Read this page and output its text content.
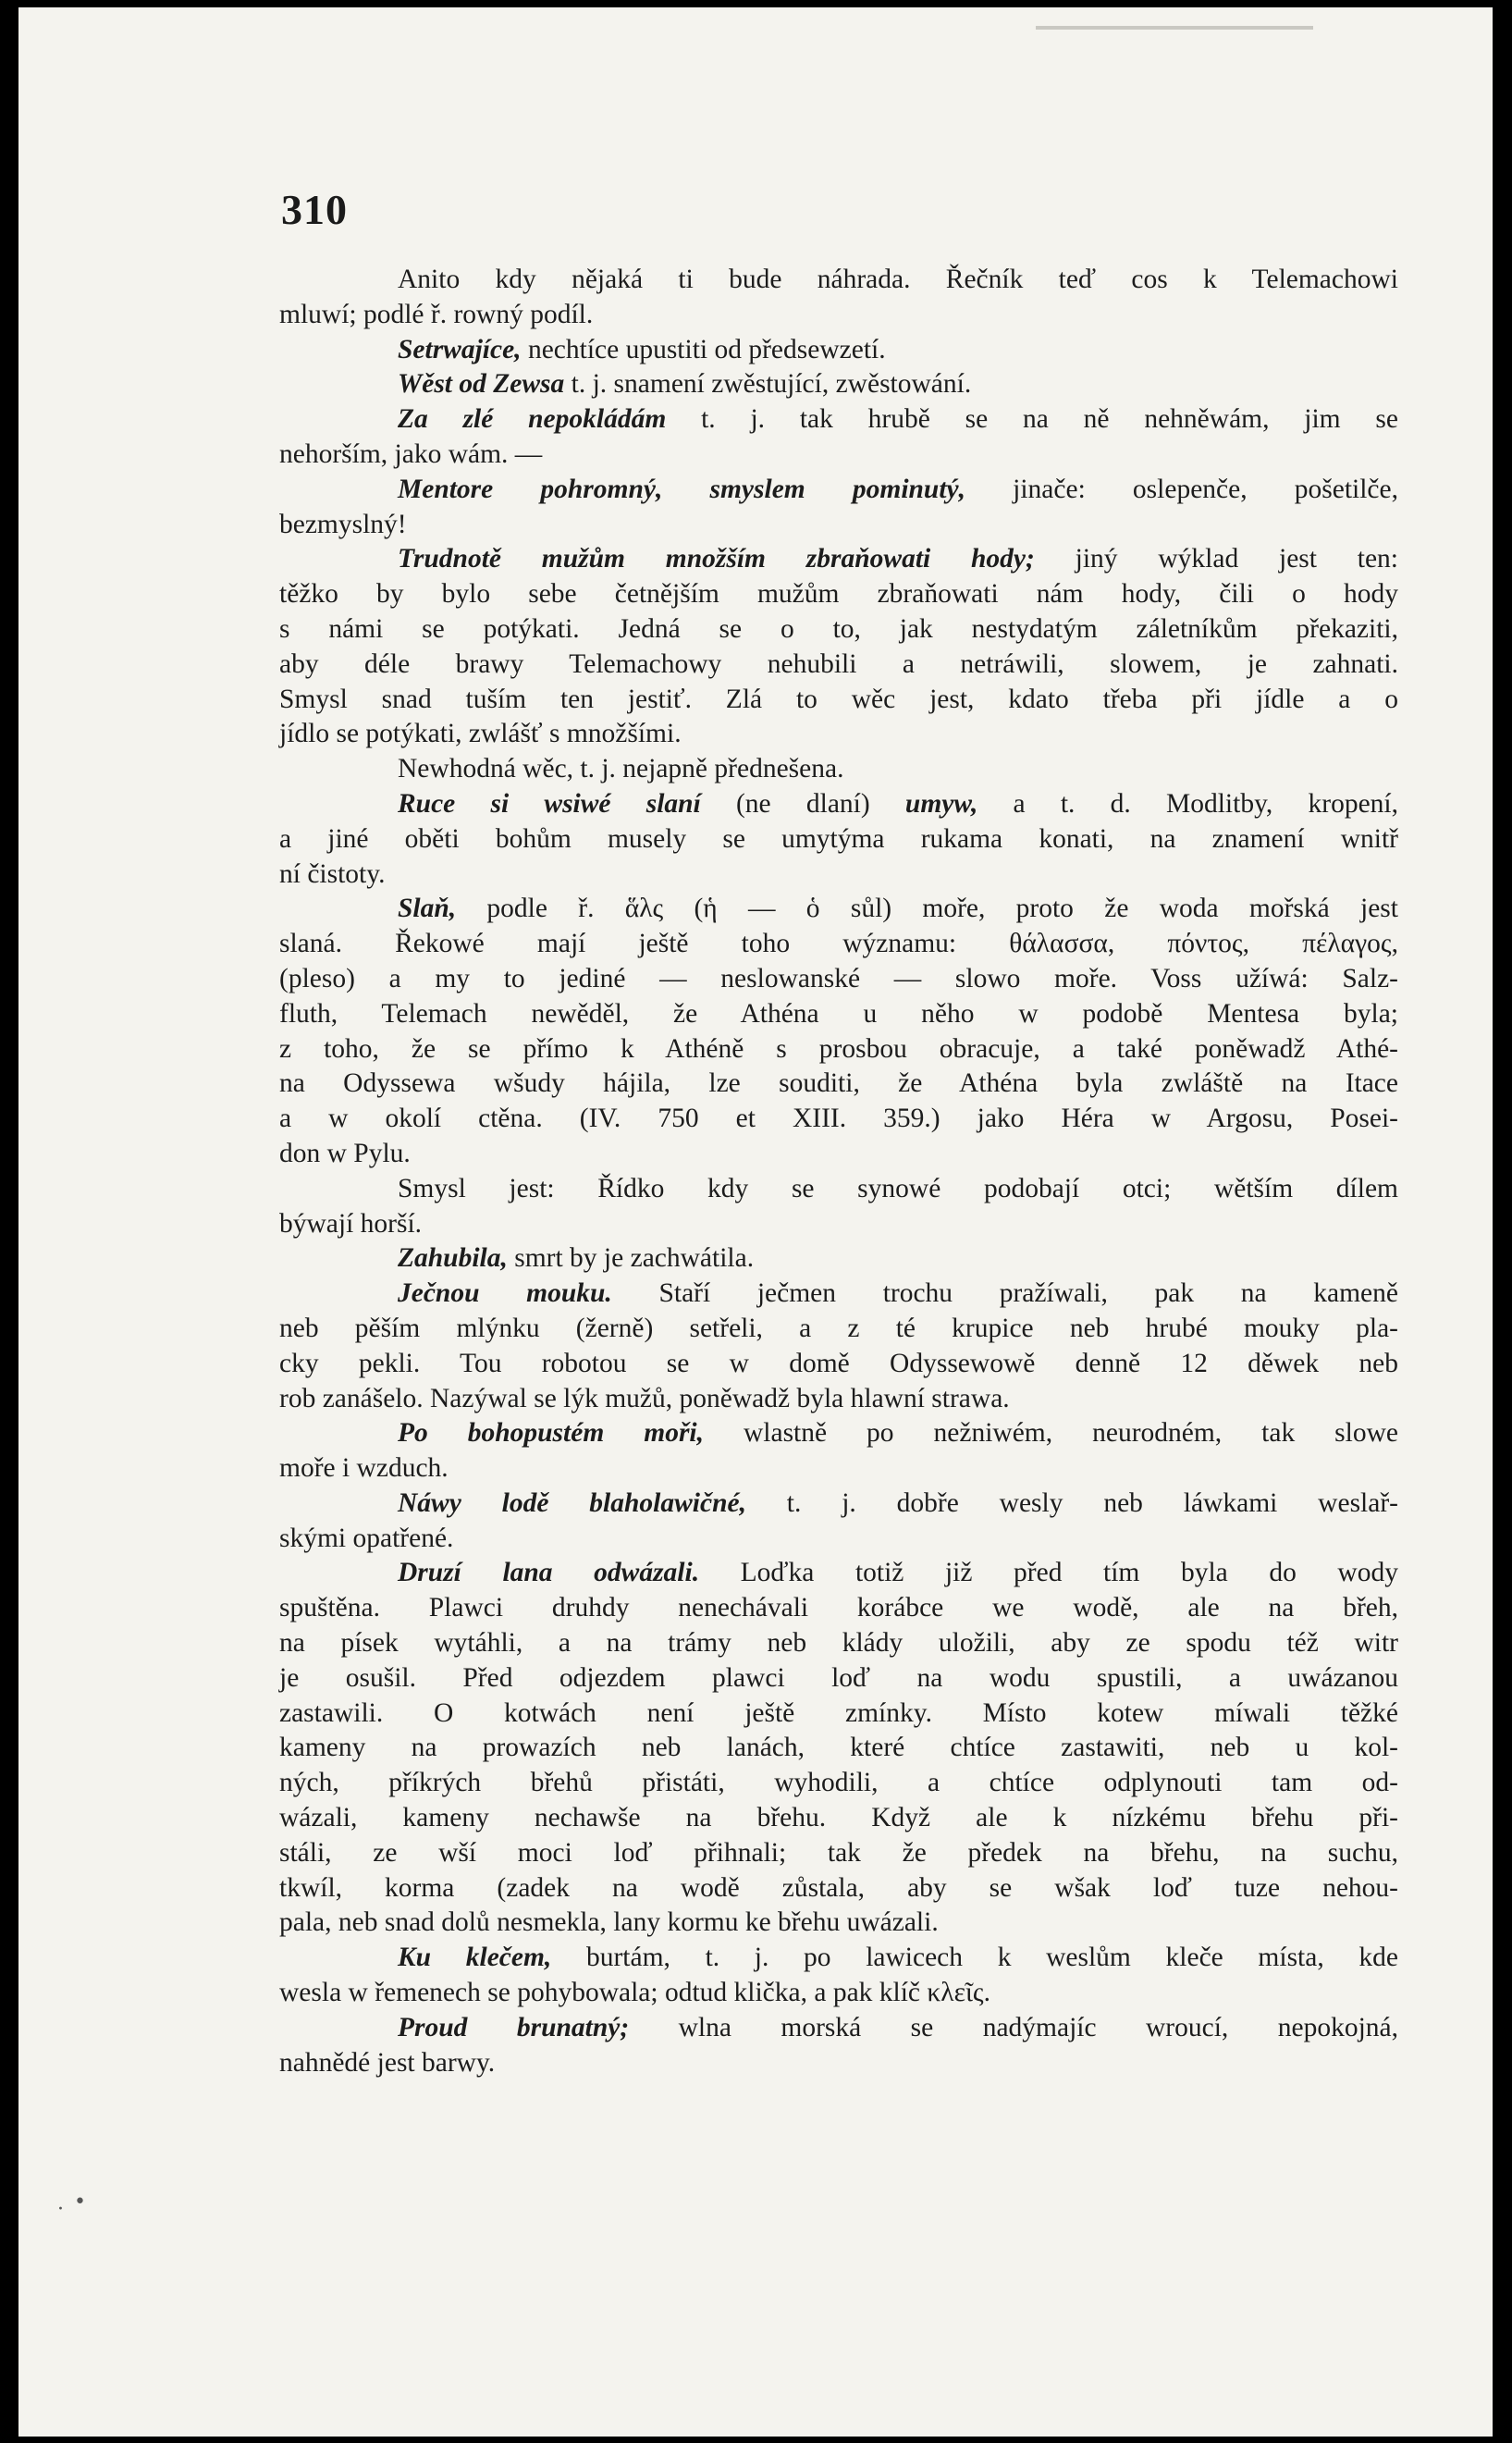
310
Anito kdy nějaká ti bude náhrada. Řečník teď cos k Telemachowi
mluwí; podlé ř. rowný podíl.
Setrwajíce, nechtíce upustiti od předsewzetí.
Wěst od Zewsa t. j. snamení zwěstující, zwěstowání.
Za zlé nepokládám t. j. tak hrubě se na ně nehněwám, jim se
nehorším, jako wám. —
Mentore pohromný, smyslem pominutý, jinače: oslepenče, pošetilče,
bezmyslný!
Trudnotě mužům množším zbraňowati hody; jiný wýklad jest ten:
těžko by bylo sebe četnějším mužům zbraňowati nám hody, čili o hody
s námi se potýkati. Jedná se o to, jak nestydatým záletníkům překaziti,
aby déle brawy Telemachowy nehubili a netráwili, slowem, je zahnati.
Smysl snad tuším ten jestiť. Zlá to wěc jest, kdato třeba při jídle a o
jídlo se potýkati, zwlášť s množšími.
Newhodná wěc, t. j. nejapně přednešena.
Ruce si wsiwé slaní (ne dlaní) umyw, a t. d. Modlitby, kropení,
a jiné oběti bohům musely se umytýma rukama konati, na znamení wnitř
ní čistoty.
Slaň, podle ř. ἅλς (ἡ — ὁ sůl) moře, proto že woda mořská jest
slaná. Řekowé mají ještě toho wýznamu: θάλασσα, πόντος, πέλαγος,
(pleso) a my to jediné — neslowanské — slowo moře. Voss užíwá: Salz-
fluth, Telemach newěděl, že Athéna u něho w podobě Mentesa byla;
z toho, že se přímo k Athéně s prosbou obracuje, a také poněwadž Athé-
na Odyssewa wšudy hájila, lze souditi, že Athéna byla zwláště na Itace
a w okolí ctěna. (IV. 750 et XIII. 359.) jako Héra w Argosu, Posei-
don w Pylu.
Smysl jest: Řídko kdy se synowé podobají otci; wětším dílem
býwají horší.
Zahubila, smrt by je zachwátila.
Ječnou mouku. Staří ječmen trochu pražíwali, pak na kameně
neb pěším mlýnku (žerně) setřeli, a z té krupice neb hrubé mouky pla-
cky pekli. Tou robotou se w domě Odyssewowě denně 12 děwek neb
rob zanášelo. Nazýwal se lýk mužů, poněwadž byla hlawní strawa.
Po bohopustém moři, wlastně po nežniwém, neurodném, tak slowe
moře i wzduch.
Náwy lodě blaholawičné, t. j. dobře wesly neb láwkami weslař-
skými opatřené.
Druzí lana odwázali. Loďka totiž již před tím byla do wody
spuštěna. Plawci druhdy nenechávali korábce we wodě, ale na břeh,
na písek wytáhli, a na trámy neb klády uložili, aby ze spodu též witr
je osušil. Před odjezdem plawci loď na wodu spustili, a uwázanou
zastawili. O kotwách není ještě zmínky. Místo kotew míwali těžké
kameny na prowazích neb lanách, které chtíce zastawiti, neb u kol-
ných, příkrých břehů přistáti, wyhodili, a chtíce odplynouti tam od-
wázali, kameny nechawše na břehu. Když ale k nízkému břehu při-
stáli, ze wší moci loď přihnali; tak že předek na břehu, na suchu,
tkwíl, korma (zadek na wodě zůstala, aby se wšak loď tuze nehou-
pala, neb snad dolů nesmekla, lany kormu ke břehu uwázali.
Ku klečem, burtám, t. j. po lawicech k weslům kleče místa, kde
wesla w řemenech se pohybowala; odtud klička, a pak klíč κλεῖς.
Proud brunatný; wlna morská se nadýmajíc wroucí, nepokojná,
nahnědé jest barwy.
•
·
